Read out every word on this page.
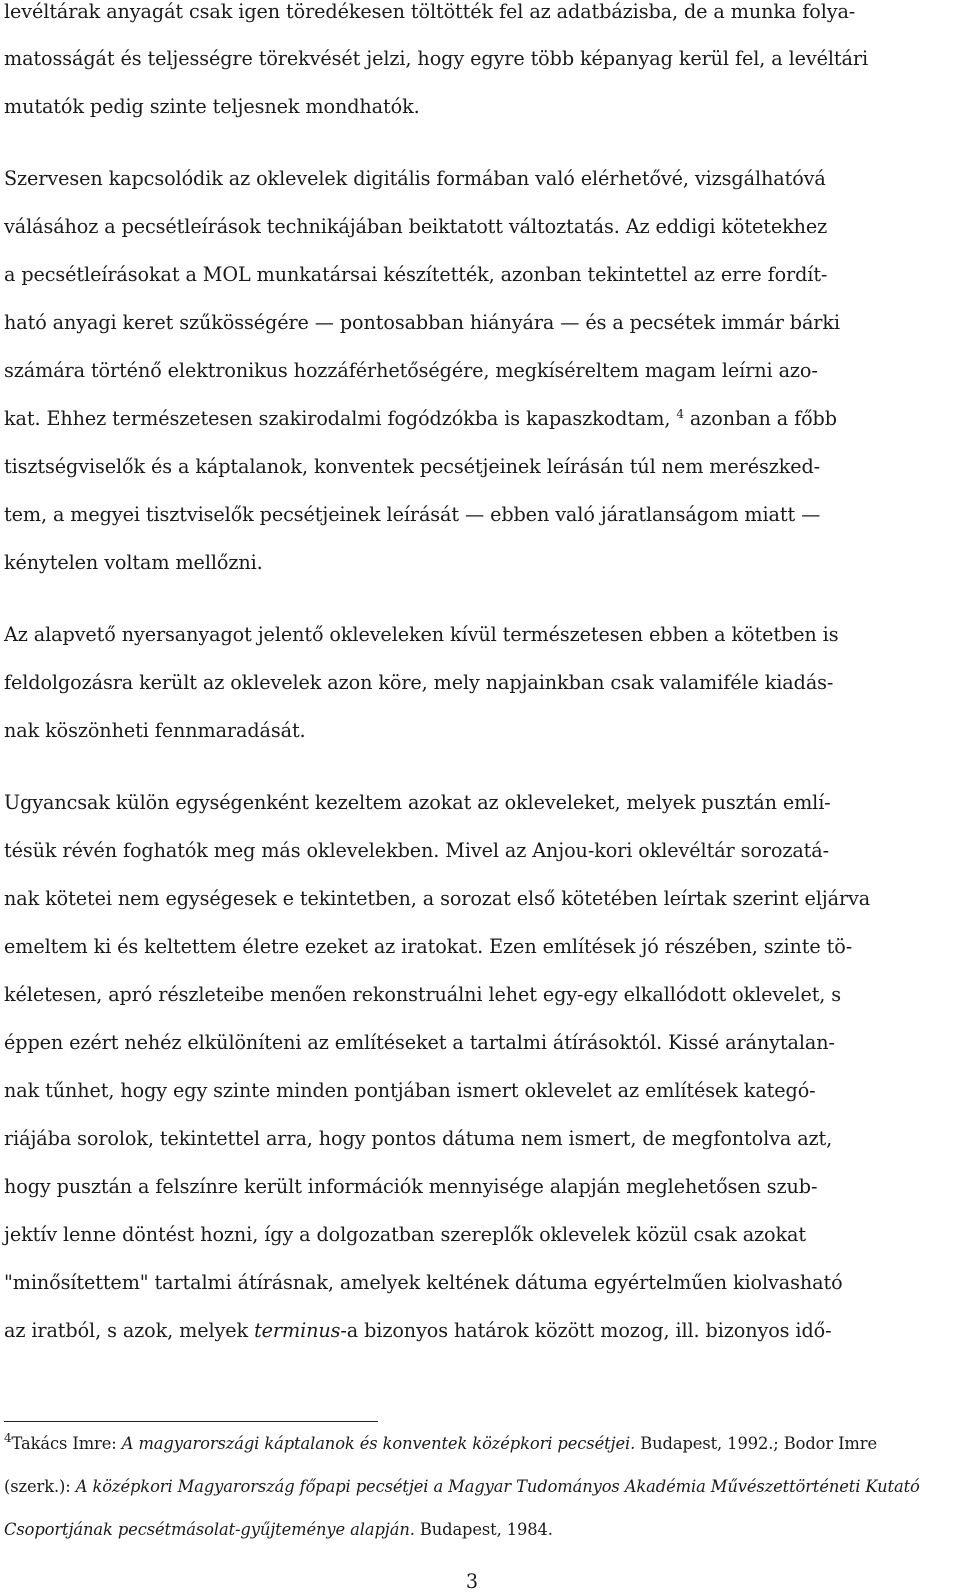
levéltárak anyagát csak igen töredékesen töltötték fel az adatbázisba, de a munka folya-

matosságát és teljességre törekvését jelzi, hogy egyre több képanyag kerül fel, a levéltári

mutatók pedig szinte teljesnek mondhatók.

Szervesen kapcsolódik az oklevelek digitális formában való elérhetővé, vizsgálhatóvá

válásához a pecsétleírások technikájában beiktatott változtatás. Az eddigi kötetekhez

a pecsétleírásokat a MOL munkatársai készítették, azonban tekintettel az erre fordít-

ható anyagi keret szűkösségére — pontosabban hiányára — és a pecsétek immár bárki

számára történő elektronikus hozzáférhetőségére, megkíséreltem magam leírni azo-

kat. Ehhez természetesen szakirodalmi fogódzókba is kapaszkodtam, $^4$ azonban a főbb

tisztségviselők és a káptalanok, konventek pecsétjeinek leírásán túl nem merészked-

tem, a megyei tisztviselők pecsétjeinek leírását — ebben való járatlanságom miatt —

kénytelen voltam mellőzni.

Az alapvető nyersanyagot jelentő okleveleken kívül természetesen ebben a kötetben is

feldolgozásra került az oklevelek azon köre, mely napjainkban csak valamiféle kiadás-

nak köszönheti fennmaradását.

Ugyancsak külön egységenként kezeltem azokat az okleveleket, melyek pusztán emlí-

tésük révén foghatók meg más oklevelekben. Mivel az Anjou-kori oklevéltár sorozatá-

nak kötetei nem egységesek e tekintetben, a sorozat első kötetében leírtak szerint eljárva

emeltem ki és keltettem életre ezeket az iratokat. Ezen említések jó részében, szinte tö-

kéletesen, apró részleteibe menően rekonstruálni lehet egy-egy elkallódott oklevelet, s

éppen ezért nehéz elkülöníteni az említéseket a tartalmi átírásoktól. Kissé aránytalan-

nak tűnhet, hogy egy szinte minden pontjában ismert oklevelet az említések kategó-

riájába sorolok, tekintettel arra, hogy pontos dátuma nem ismert, de megfontolva azt,

hogy pusztán a felszínre került információk mennyisége alapján meglehetősen szub-

jektív lenne döntést hozni, így a dolgozatban szereplők oklevelek közül csak azokat

"minősítettem" tartalmi átírásnak, amelyek keltének dátuma egyértelműen kiolvasható

az iratból, s azok, melyek terminus-a bizonyos határok között mozog, ill. bizonyos idő-

$^4$Takács Imre: A magyarországi káptalanok és konventek középkori pecsétjei. Budapest, 1992.; Bodor Imre

(szerk.): A középkori Magyarország főpapi pecsétjei a Magyar Tudományos Akadémia Művészettörténeti Kutató

Csoportjának pecsétmásolat-gyűjteménye alapján. Budapest, 1984.

3
